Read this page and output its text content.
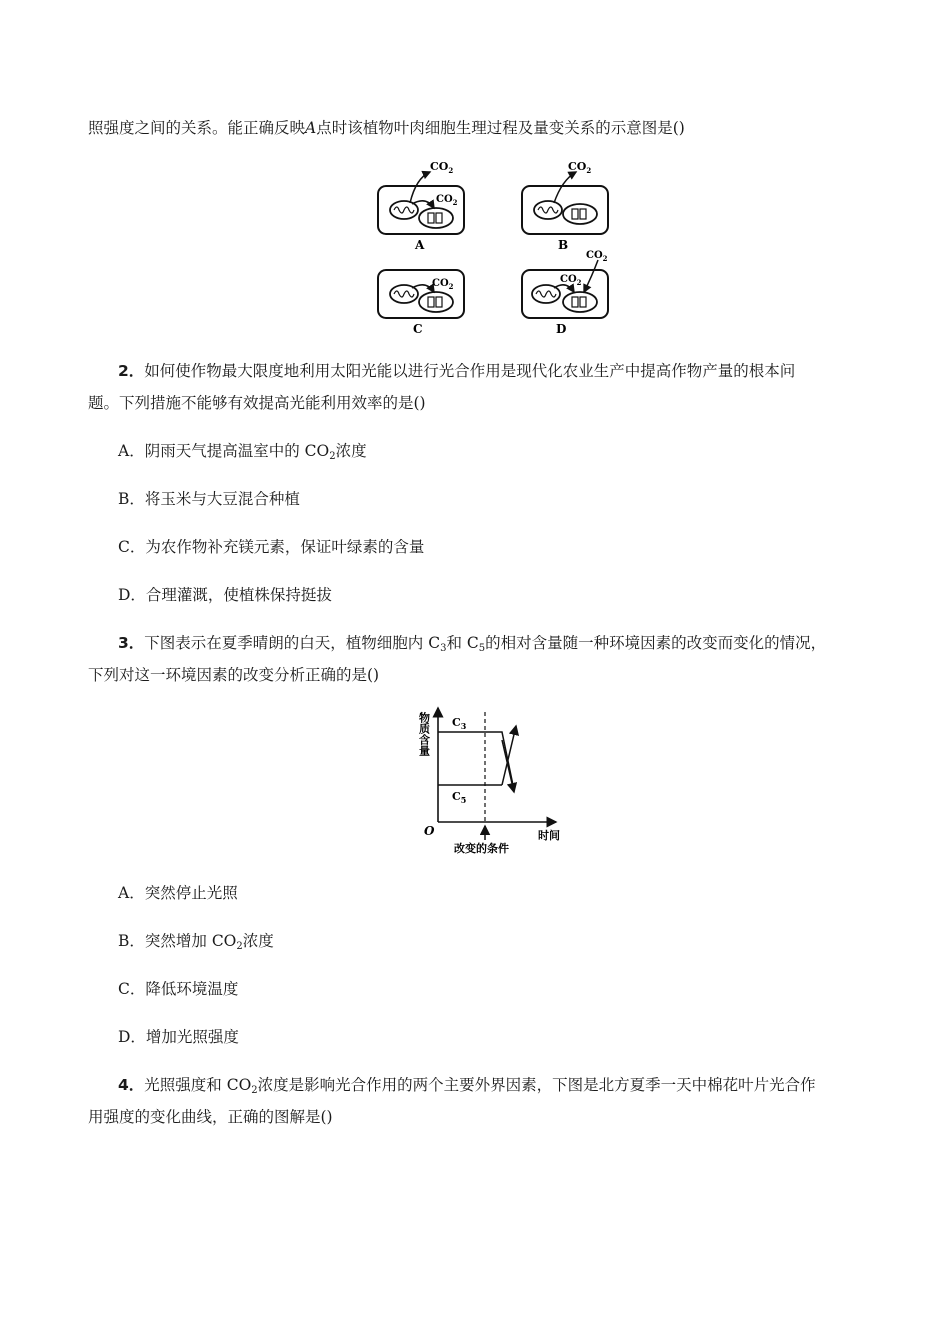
照强度之间的关系。能正确反映A点时该植物叶肉细胞生理过程及量变关系的示意图是()
$CO_2$
$CO_2$
A
$CO_2$
B
$CO_2$
C
$CO_2$
$CO_2$
D
2．如何使作物最大限度地利用太阳光能以进行光合作用是现代化农业生产中提高作物产量的根本问
题。下列措施不能够有效提高光能利用效率的是()
A．阴雨天气提高温室中的 $CO_2$浓度
B．将玉米与大豆混合种植
C．为农作物补充镁元素，保证叶绿素的含量
D．合理灌溉，使植株保持挺拔
3．下图表示在夏季晴朗的白天，植物细胞内 $C_3$和 $C_5$的相对含量随一种环境因素的改变而变化的情况，
下列对这一环境因素的改变分析正确的是()
物质含量 $C_3$
$C_5$
O	时间
改变的条件
A．突然停止光照
B．突然增加 $CO_2$浓度
C．降低环境温度
D．增加光照强度
4．光照强度和 $CO_2$浓度是影响光合作用的两个主要外界因素，下图是北方夏季一天中棉花叶片光合作
用强度的变化曲线，正确的图解是()
